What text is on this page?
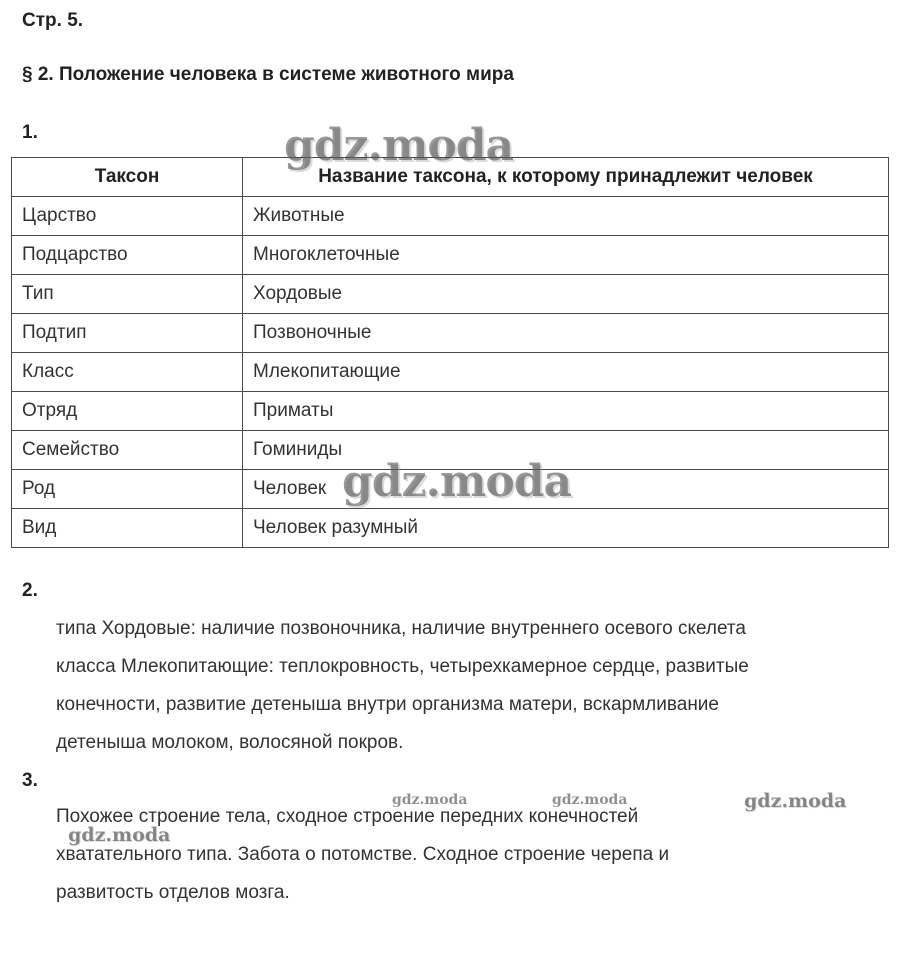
Стр. 5.
§ 2. Положение человека в системе животного мира
1.
Таксон	Название таксона, к которому принадлежит человек
Царство	Животные
Подцарство	Многоклеточные
Тип	Хордовые
Подтип	Позвоночные
Класс	Млекопитающие
Отряд	Приматы
Семейство	Гоминиды
Род	Человек
Вид	Человек разумный
2.
типа Хордовые: наличие позвоночника, наличие внутреннего осевого скелета
класса Млекопитающие: теплокровность, четырехкамерное сердце, развитые
конечности, развитие детеныша внутри организма матери, вскармливание
детеныша молоком, волосяной покров.
3.
Похожее строение тела, сходное строение передних конечностей
хватательного типа. Забота о потомстве. Сходное строение черепа и
развитость отделов мозга.
gdz.moda
gdz.moda
gdz.moda	gdz.moda	gdz.moda
gdz.moda
